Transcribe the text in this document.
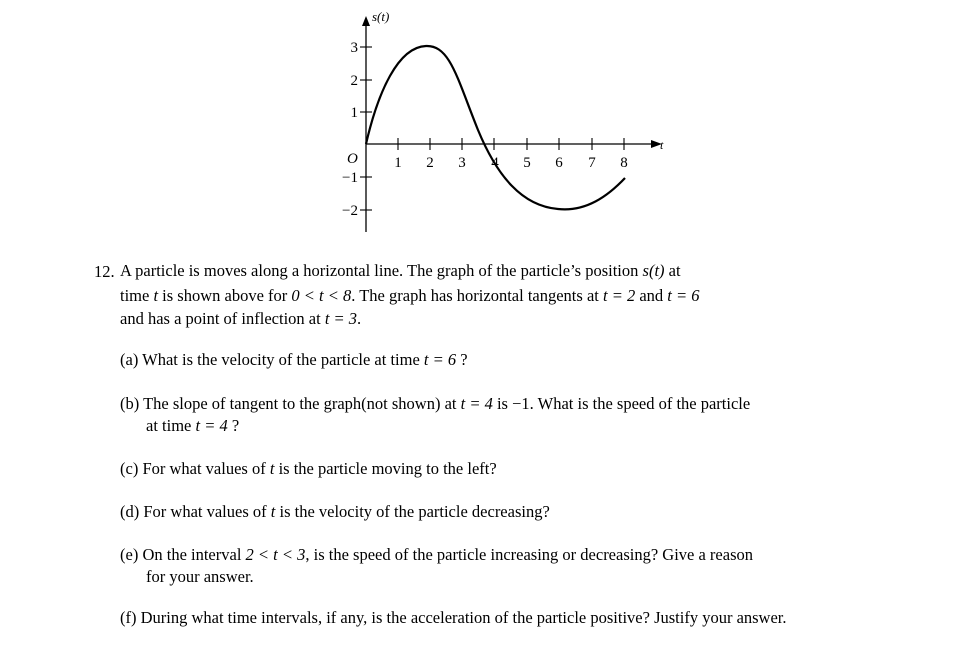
s(t)
t
O 1 2 3 4 5 6 7 8
3
2
1
−1
−2
12. A particle is moves along a horizontal line. The graph of the particle’s position s(t) at
time t is shown above for 0 < t < 8. The graph has horizontal tangents at t = 2 and t = 6
and has a point of inflection at t = 3.
(a) What is the velocity of the particle at time t = 6 ?
(b) The slope of tangent to the graph(not shown) at t = 4 is −1. What is the speed of the particle
at time t = 4 ?
(c) For what values of t is the particle moving to the left?
(d) For what values of t is the velocity of the particle decreasing?
(e) On the interval 2 < t < 3, is the speed of the particle increasing or decreasing? Give a reason
for your answer.
(f) During what time intervals, if any, is the acceleration of the particle positive? Justify your answer.
